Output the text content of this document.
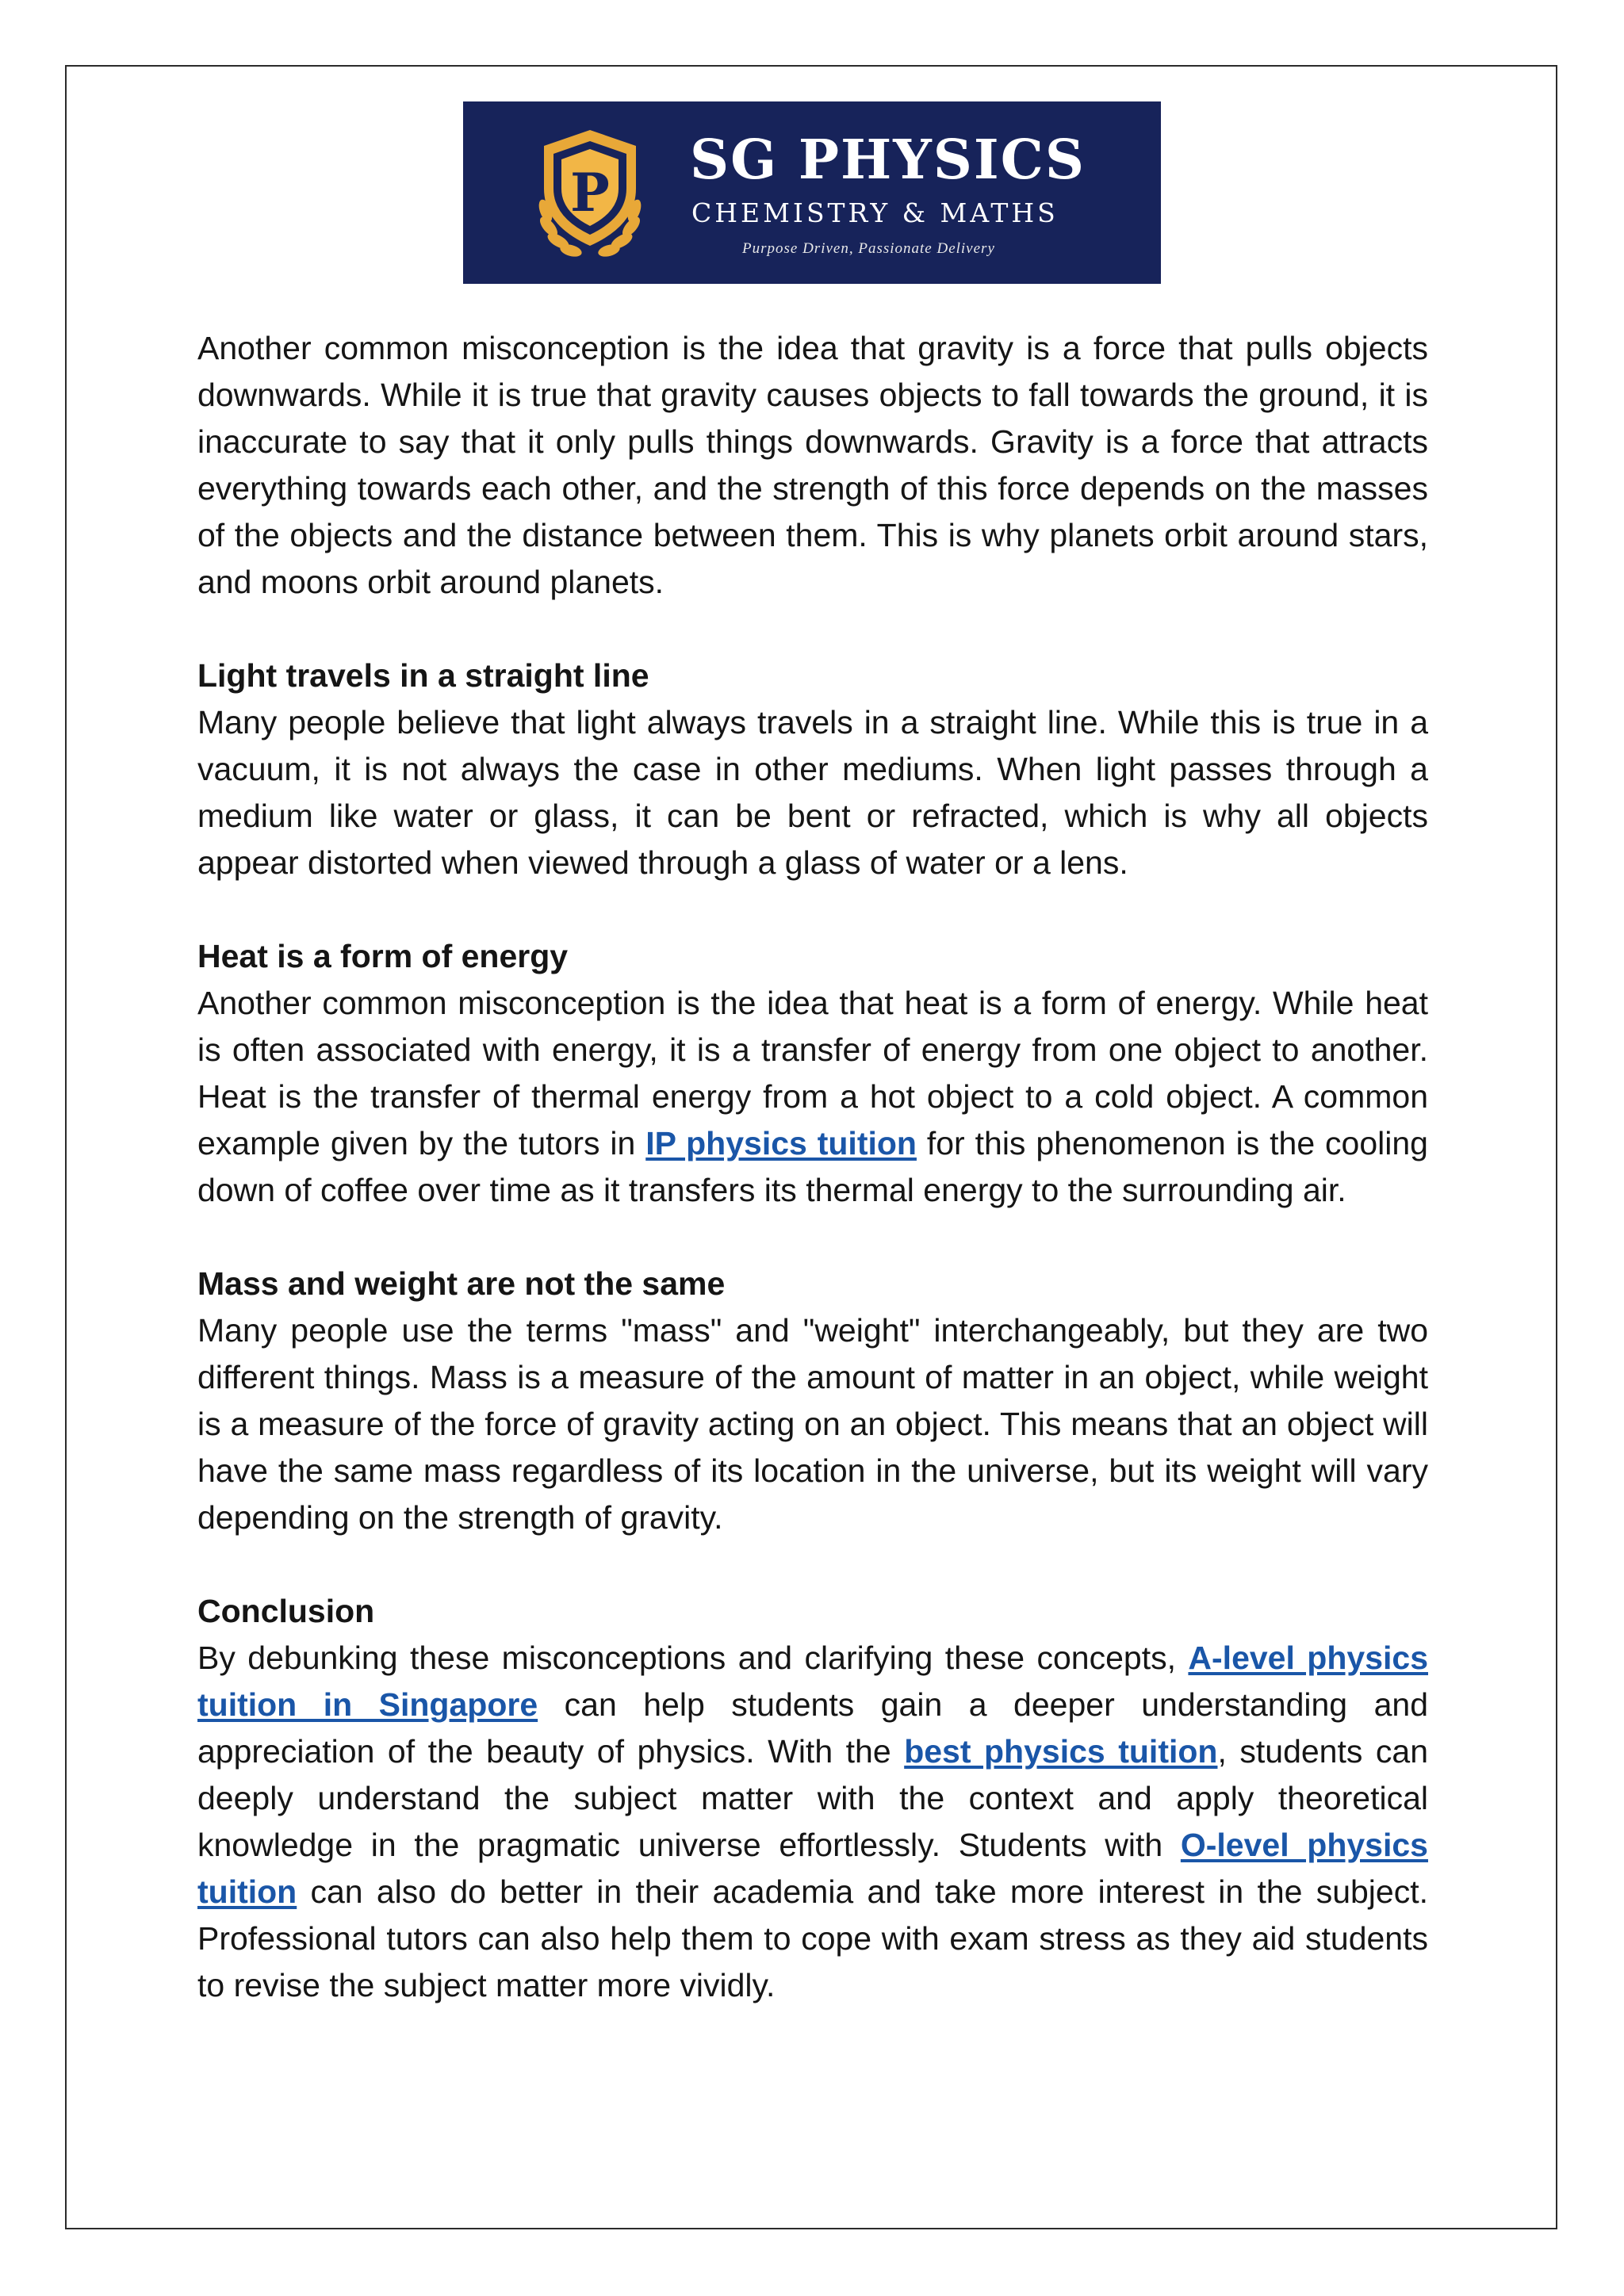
P
SG PHYSICS
CHEMISTRY & MATHS
Purpose Driven, Passionate Delivery

Another common misconception is the idea that gravity is a force that pulls objects downwards. While it is true that gravity causes objects to fall towards the ground, it is inaccurate to say that it only pulls things downwards. Gravity is a force that attracts everything towards each other, and the strength of this force depends on the masses of the objects and the distance between them. This is why planets orbit around stars, and moons orbit around planets.

Light travels in a straight line

Many people believe that light always travels in a straight line. While this is true in a vacuum, it is not always the case in other mediums. When light passes through a medium like water or glass, it can be bent or refracted, which is why all objects appear distorted when viewed through a glass of water or a lens.

Heat is a form of energy

Another common misconception is the idea that heat is a form of energy. While heat is often associated with energy, it is a transfer of energy from one object to another. Heat is the transfer of thermal energy from a hot object to a cold object. A common example given by the tutors in IP physics tuition for this phenomenon is the cooling down of coffee over time as it transfers its thermal energy to the surrounding air.

Mass and weight are not the same

Many people use the terms "mass" and "weight" interchangeably, but they are two different things. Mass is a measure of the amount of matter in an object, while weight is a measure of the force of gravity acting on an object. This means that an object will have the same mass regardless of its location in the universe, but its weight will vary depending on the strength of gravity.

Conclusion

By debunking these misconceptions and clarifying these concepts, A-level physics tuition in Singapore can help students gain a deeper understanding and appreciation of the beauty of physics. With the best physics tuition, students can deeply understand the subject matter with the context and apply theoretical knowledge in the pragmatic universe effortlessly. Students with O-level physics tuition can also do better in their academia and take more interest in the subject. Professional tutors can also help them to cope with exam stress as they aid students to revise the subject matter more vividly.
